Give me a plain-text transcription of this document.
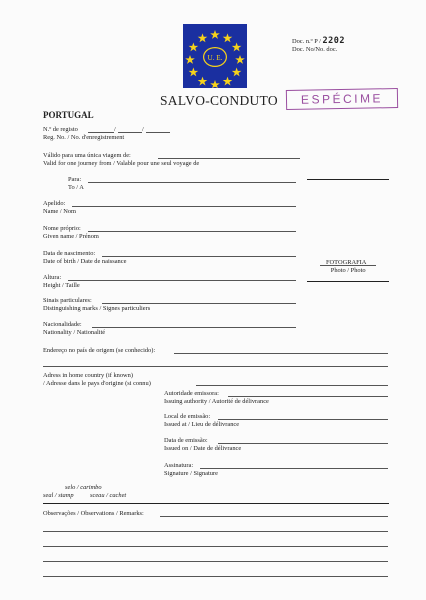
U. E.
Doc. n.º P / 2202
Doc. No/No. doc.
SALVO-CONDUTO	ESPÉCIME
PORTUGAL
N.º de registo
Reg. No. / No. d'enregistrement
/	/
Válido para uma única viagem de:
Valid for one journey from / Valable pour une seul voyage de
Para:
To / A
Apelido:
Name / Nom
Nome próprio:
Given name / Prénom
Data de nascimento:
Date of birth / Date de naissance	FOTOGRAFIA
Photo / Photo
Altura:
Height / Taille
Sinais particulares:
Distinguishing marks / Signes particuliers
Nacionalidade:
Nationality / Nationalité
Endereço no país de origem (se conhecido):
Adress in home country (if known)
/ Adresse dans le pays d'origine (si connu)
Autoridade emissora:
Issuing authority / Autorité de délivrance
Local de emissão:
Issued at / Lieu de délivrance
Data de emissão:
Issued on / Date de délivrance
Assinatura:
Signature / Signature
selo / carimbo
seal / stamp	sceau / cachet
Observações / Observations / Remarks:
